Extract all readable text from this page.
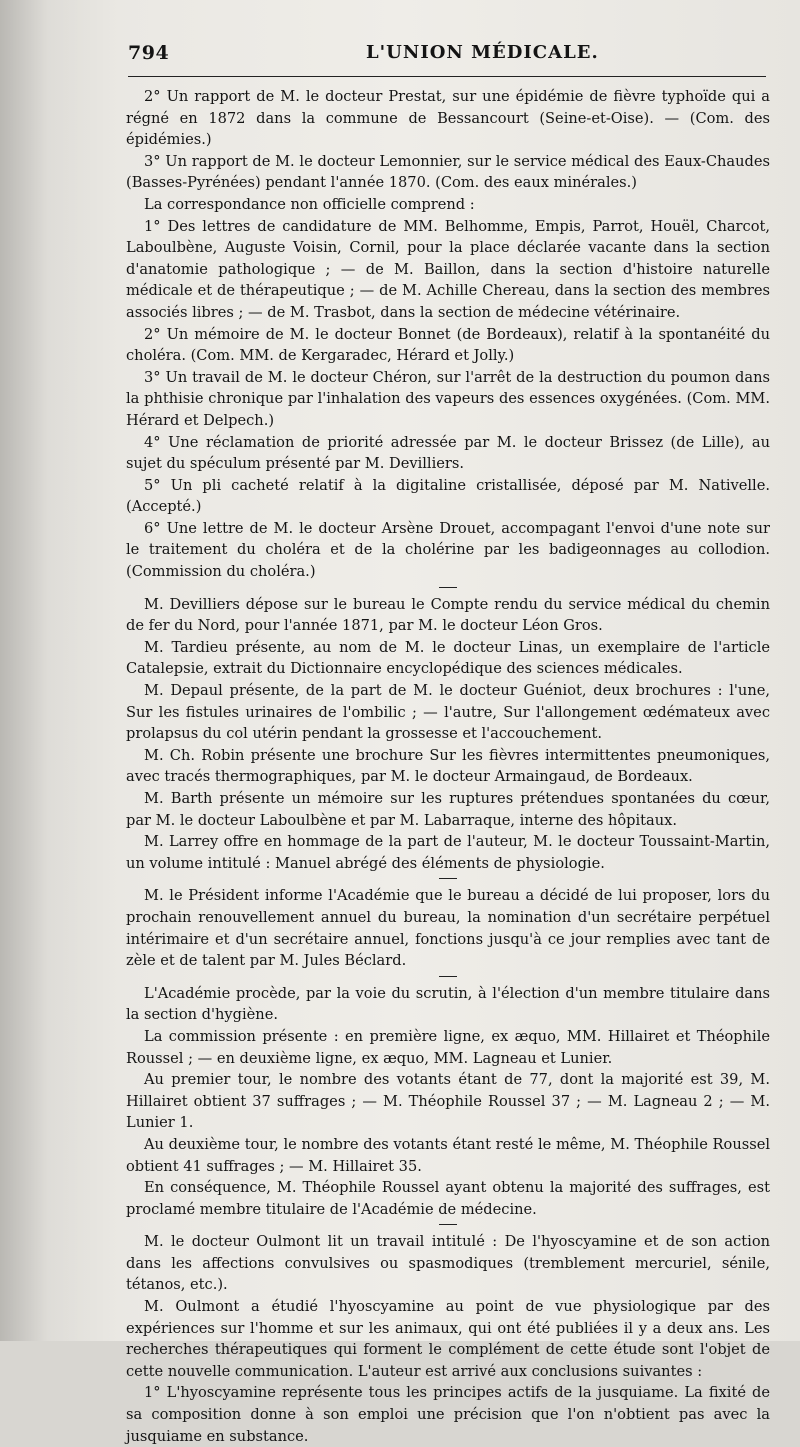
794	L'UNION MÉDICALE.

2° Un rapport de M. le docteur Prestat, sur une épidémie de fièvre typhoïde qui a régné en 1872 dans la commune de Bessancourt (Seine-et-Oise). — (Com. des épidémies.)

3° Un rapport de M. le docteur Lemonnier, sur le service médical des Eaux-Chaudes (Basses-Pyrénées) pendant l'année 1870. (Com. des eaux minérales.)

La correspondance non officielle comprend :

1° Des lettres de candidature de MM. Belhomme, Empis, Parrot, Houël, Charcot, Laboulbène, Auguste Voisin, Cornil, pour la place déclarée vacante dans la section d'anatomie pathologique ; — de M. Baillon, dans la section d'histoire naturelle médicale et de thérapeutique ; — de M. Achille Chereau, dans la section des membres associés libres ; — de M. Trasbot, dans la section de médecine vétérinaire.

2° Un mémoire de M. le docteur Bonnet (de Bordeaux), relatif à la spontanéité du choléra. (Com. MM. de Kergaradec, Hérard et Jolly.)

3° Un travail de M. le docteur Chéron, sur l'arrêt de la destruction du poumon dans la phthisie chronique par l'inhalation des vapeurs des essences oxygénées. (Com. MM. Hérard et Delpech.)

4° Une réclamation de priorité adressée par M. le docteur Brissez (de Lille), au sujet du spéculum présenté par M. Devilliers.

5° Un pli cacheté relatif à la digitaline cristallisée, déposé par M. Nativelle. (Accepté.)

6° Une lettre de M. le docteur Arsène Drouet, accompagant l'envoi d'une note sur le traitement du choléra et de la cholérine par les badigeonnages au collodion. (Commission du choléra.)

M. Devilliers dépose sur le bureau le Compte rendu du service médical du chemin de fer du Nord, pour l'année 1871, par M. le docteur Léon Gros.

M. Tardieu présente, au nom de M. le docteur Linas, un exemplaire de l'article Catalepsie, extrait du Dictionnaire encyclopédique des sciences médicales.

M. Depaul présente, de la part de M. le docteur Guéniot, deux brochures : l'une, Sur les fistules urinaires de l'ombilic ; — l'autre, Sur l'allongement œdémateux avec prolapsus du col utérin pendant la grossesse et l'accouchement.

M. Ch. Robin présente une brochure Sur les fièvres intermittentes pneumoniques, avec tracés thermographiques, par M. le docteur Armaingaud, de Bordeaux.

M. Barth présente un mémoire sur les ruptures prétendues spontanées du cœur, par M. le docteur Laboulbène et par M. Labarraque, interne des hôpitaux.

M. Larrey offre en hommage de la part de l'auteur, M. le docteur Toussaint-Martin, un volume intitulé : Manuel abrégé des éléments de physiologie.

M. le Président informe l'Académie que le bureau a décidé de lui proposer, lors du prochain renouvellement annuel du bureau, la nomination d'un secrétaire perpétuel intérimaire et d'un secrétaire annuel, fonctions jusqu'à ce jour remplies avec tant de zèle et de talent par M. Jules Béclard.

L'Académie procède, par la voie du scrutin, à l'élection d'un membre titulaire dans la section d'hygiène.

La commission présente : en première ligne, ex æquo, MM. Hillairet et Théophile Roussel ; — en deuxième ligne, ex æquo, MM. Lagneau et Lunier.

Au premier tour, le nombre des votants étant de 77, dont la majorité est 39, M. Hillairet obtient 37 suffrages ; — M. Théophile Roussel 37 ; — M. Lagneau 2 ; — M. Lunier 1.

Au deuxième tour, le nombre des votants étant resté le même, M. Théophile Roussel obtient 41 suffrages ; — M. Hillairet 35.

En conséquence, M. Théophile Roussel ayant obtenu la majorité des suffrages, est proclamé membre titulaire de l'Académie de médecine.

M. le docteur Oulmont lit un travail intitulé : De l'hyoscyamine et de son action dans les affections convulsives ou spasmodiques (tremblement mercuriel, sénile, tétanos, etc.).

M. Oulmont a étudié l'hyoscyamine au point de vue physiologique par des expériences sur l'homme et sur les animaux, qui ont été publiées il y a deux ans. Les recherches thérapeutiques qui forment le complément de cette étude sont l'objet de cette nouvelle communication. L'auteur est arrivé aux conclusions suivantes :

1° L'hyoscyamine représente tous les principes actifs de la jusquiame. La fixité de sa composition donne à son emploi une précision que l'on n'obtient pas avec la jusquiame en substance.
